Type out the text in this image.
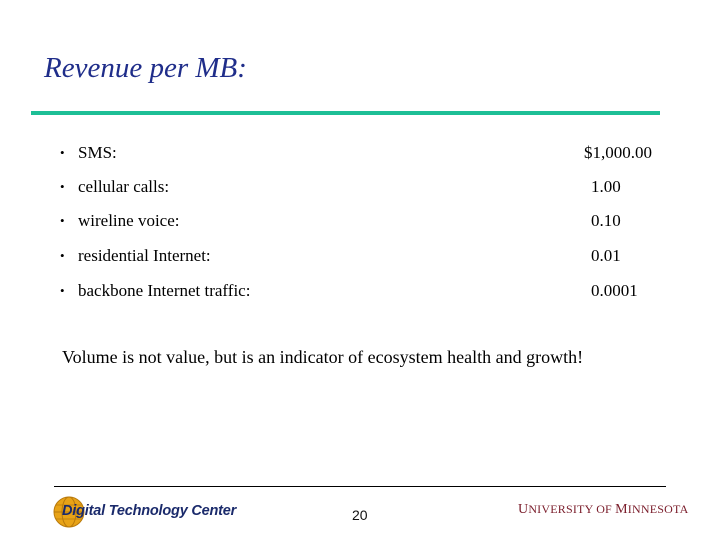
Revenue per MB:
• SMS:	$1,000.00
• cellular calls:	1.00
• wireline voice:	0.10
• residential Internet:	0.01
• backbone Internet traffic:	0.0001

Volume is not value, but is an indicator of ecosystem health and growth!

Digital Technology Center	20	UNIVERSITY OF MINNESOTA
